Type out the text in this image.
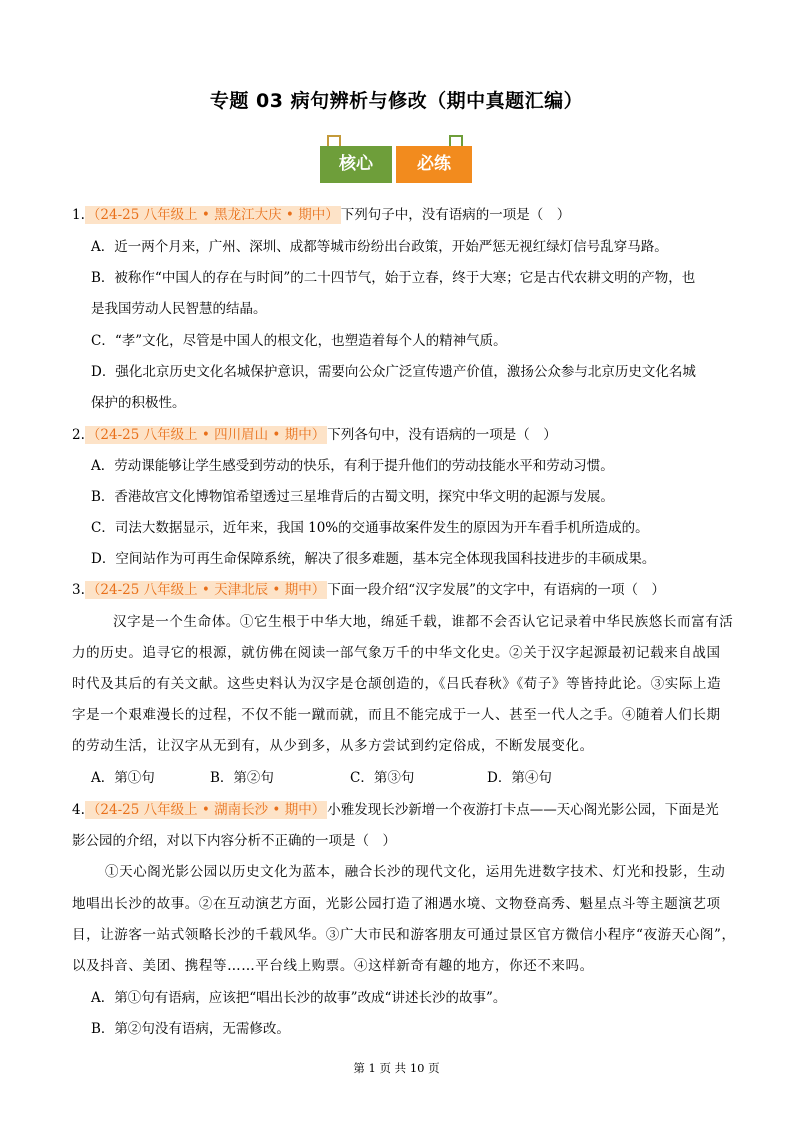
专题 03 病句辨析与修改（期中真题汇编）
核心	必练
1. （24-25 八年级上 • 黑龙江大庆 • 期中） 下列句子中，没有语病的一项是（　）
A．近一两个月来，广州、深圳、成都等城市纷纷出台政策，开始严惩无视红绿灯信号乱穿马路。
B．被称作“中国人的存在与时间”的二十四节气，始于立春，终于大寒；它是古代农耕文明的产物，也
是我国劳动人民智慧的结晶。
C．“孝”文化，尽管是中国人的根文化，也塑造着每个人的精神气质。
D．强化北京历史文化名城保护意识，需要向公众广泛宣传遗产价值，激扬公众参与北京历史文化名城
保护的积极性。
2. （24-25 八年级上 • 四川眉山 • 期中） 下列各句中，没有语病的一项是（　）
A．劳动课能够让学生感受到劳动的快乐，有利于提升他们的劳动技能水平和劳动习惯。
B．香港故宫文化博物馆希望透过三星堆背后的古蜀文明，探究中华文明的起源与发展。
C．司法大数据显示，近年来，我国 10%的交通事故案件发生的原因为开车看手机所造成的。
D．空间站作为可再生命保障系统，解决了很多难题，基本完全体现我国科技进步的丰硕成果。
3. （24-25 八年级上 • 天津北辰 • 期中） 下面一段介绍“汉字发展”的文字中，有语病的一项（　）
汉字是一个生命体。①它生根于中华大地，绵延千载，谁都不会否认它记录着中华民族悠长而富有活
力的历史。追寻它的根源，就仿佛在阅读一部气象万千的中华文化史。②关于汉字起源最初记载来自战国
时代及其后的有关文献。这些史料认为汉字是仓颉创造的，《吕氏春秋》《荀子》等皆持此论。③实际上造
字是一个艰难漫长的过程，不仅不能一蹴而就，而且不能完成于一人、甚至一代人之手。④随着人们长期
的劳动生活，让汉字从无到有，从少到多，从多方尝试到约定俗成，不断发展变化。
A．第①句	B．第②句	C．第③句	D．第④句
4. （24-25 八年级上 • 湖南长沙 • 期中） 小雅发现长沙新增一个夜游打卡点——天心阁光影公园，下面是光
影公园的介绍，对以下内容分析不正确的一项是（　）
①天心阁光影公园以历史文化为蓝本，融合长沙的现代文化，运用先进数字技术、灯光和投影，生动
地唱出长沙的故事。②在互动演艺方面，光影公园打造了湘遇水境、文物登高秀、魁星点斗等主题演艺项
目，让游客一站式领略长沙的千载风华。③广大市民和游客朋友可通过景区官方微信小程序“夜游天心阁”，
以及抖音、美团、携程等……平台线上购票。④这样新奇有趣的地方，你还不来吗。
A．第①句有语病，应该把“唱出长沙的故事”改成“讲述长沙的故事”。
B．第②句没有语病，无需修改。
第 1 页 共 10 页
